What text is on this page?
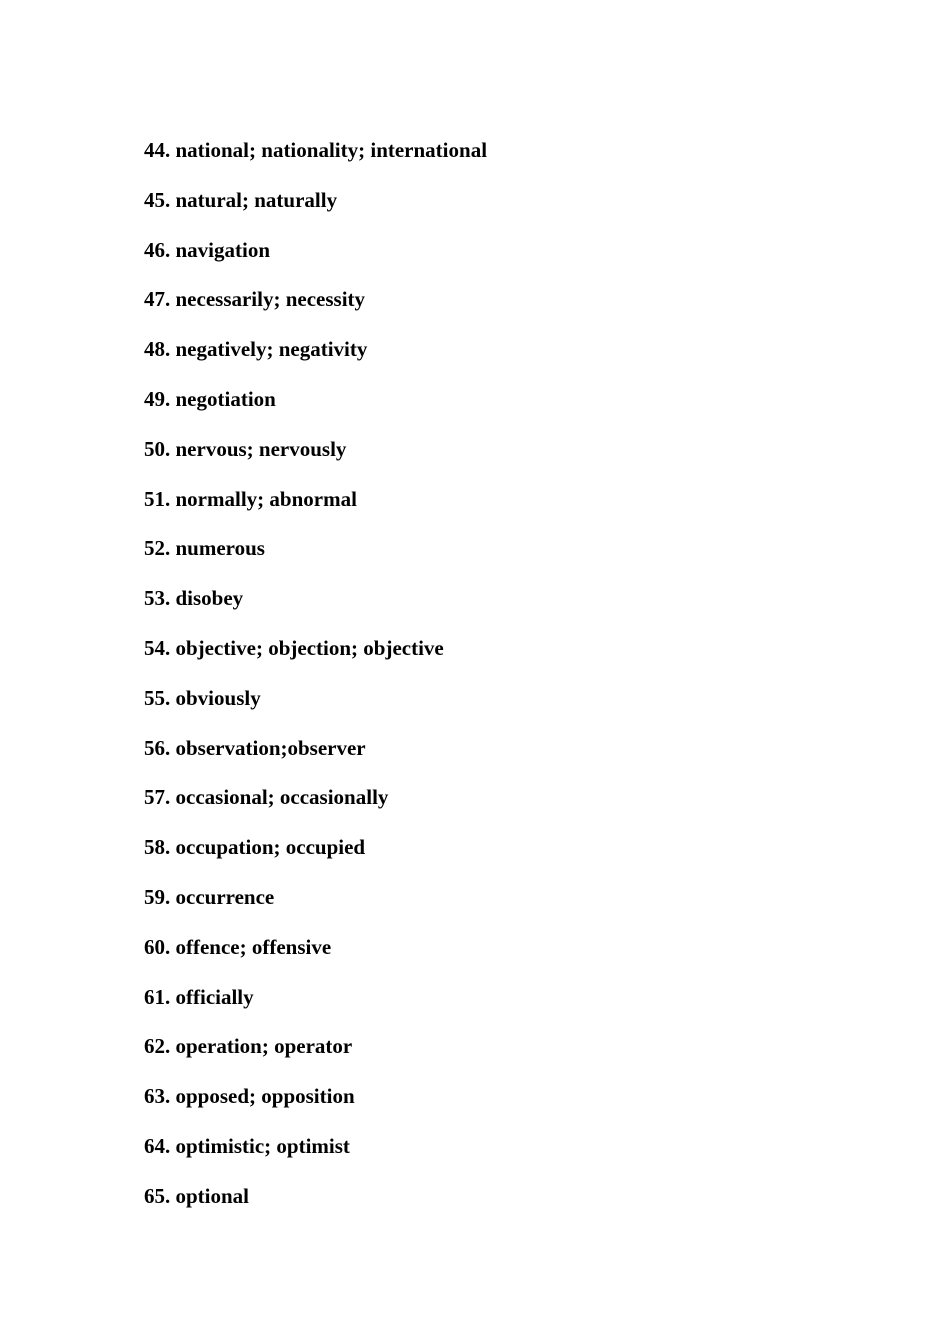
44. national; nationality; international
45. natural; naturally
46. navigation
47. necessarily; necessity
48. negatively; negativity
49. negotiation
50. nervous; nervously
51. normally; abnormal
52. numerous
53. disobey
54. objective; objection; objective
55. obviously
56. observation;observer
57. occasional; occasionally
58. occupation; occupied
59. occurrence
60. offence; offensive
61. officially
62. operation; operator
63. opposed; opposition
64. optimistic; optimist
65. optional
